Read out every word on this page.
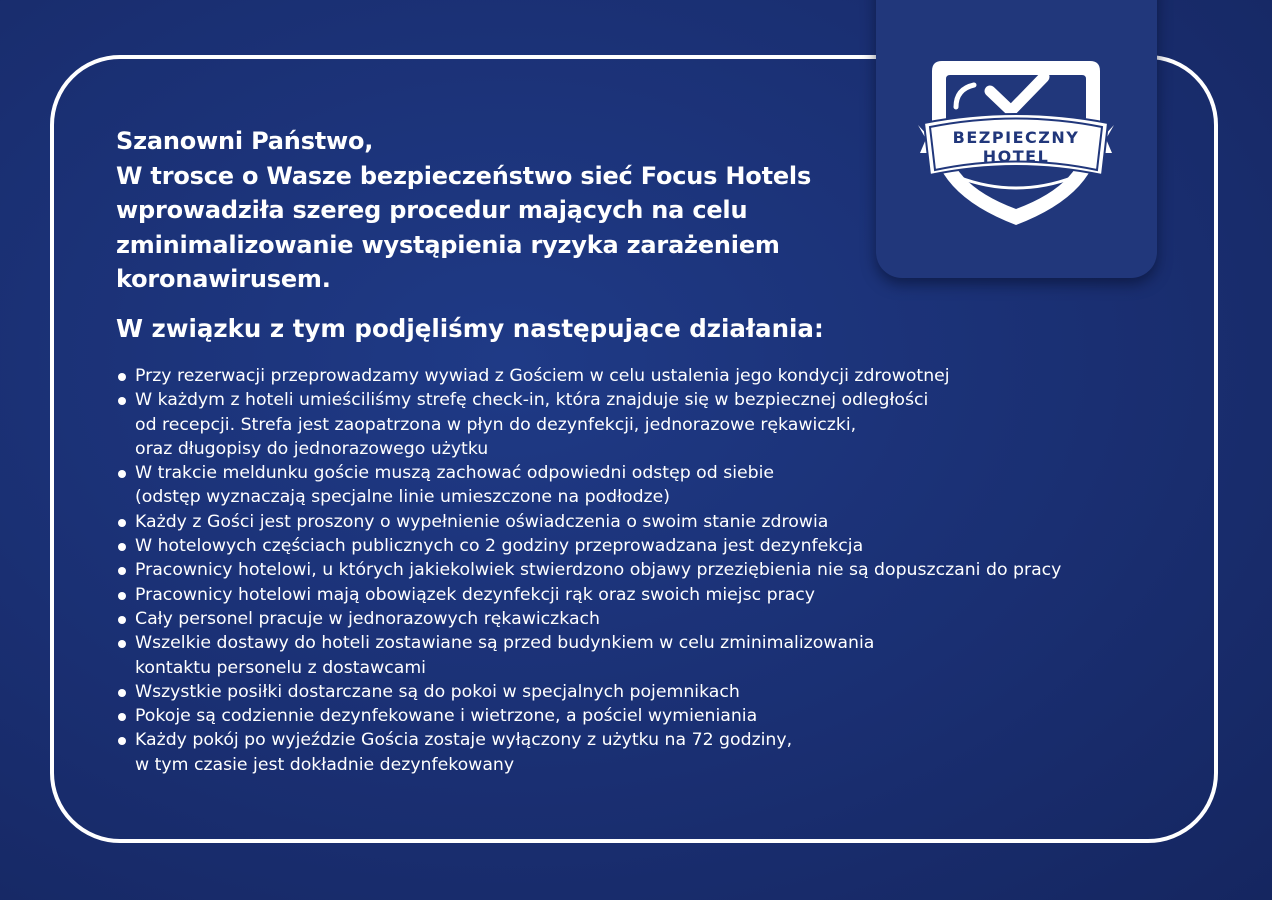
BEZPIECZNY
HOTEL

Szanowni Państwo,

W trosce o Wasze bezpieczeństwo sieć Focus Hotels

wprowadziła szereg procedur mających na celu

zminimalizowanie wystąpienia ryzyka zarażeniem

koronawirusem.

W związku z tym podjęliśmy następujące działania:
Przy rezerwacji przeprowadzamy wywiad z Gościem w celu ustalenia jego kondycji zdrowotnej
W każdym z hoteli umieściliśmy strefę check-in, która znajduje się w bezpiecznej odległości
od recepcji. Strefa jest zaopatrzona w płyn do dezynfekcji, jednorazowe rękawiczki,
oraz długopisy do jednorazowego użytku
W trakcie meldunku goście muszą zachować odpowiedni odstęp od siebie
(odstęp wyznaczają specjalne linie umieszczone na podłodze)
Każdy z Gości jest proszony o wypełnienie oświadczenia o swoim stanie zdrowia
W hotelowych częściach publicznych co 2 godziny przeprowadzana jest dezynfekcja
Pracownicy hotelowi, u których jakiekolwiek stwierdzono objawy przeziębienia nie są dopuszczani do pracy
Pracownicy hotelowi mają obowiązek dezynfekcji rąk oraz swoich miejsc pracy
Cały personel pracuje w jednorazowych rękawiczkach
Wszelkie dostawy do hoteli zostawiane są przed budynkiem w celu zminimalizowania
kontaktu personelu z dostawcami
Wszystkie posiłki dostarczane są do pokoi w specjalnych pojemnikach
Pokoje są codziennie dezynfekowane i wietrzone, a pościel wymieniania
Każdy pokój po wyjeździe Gościa zostaje wyłączony z użytku na 72 godziny,
w tym czasie jest dokładnie dezynfekowany
